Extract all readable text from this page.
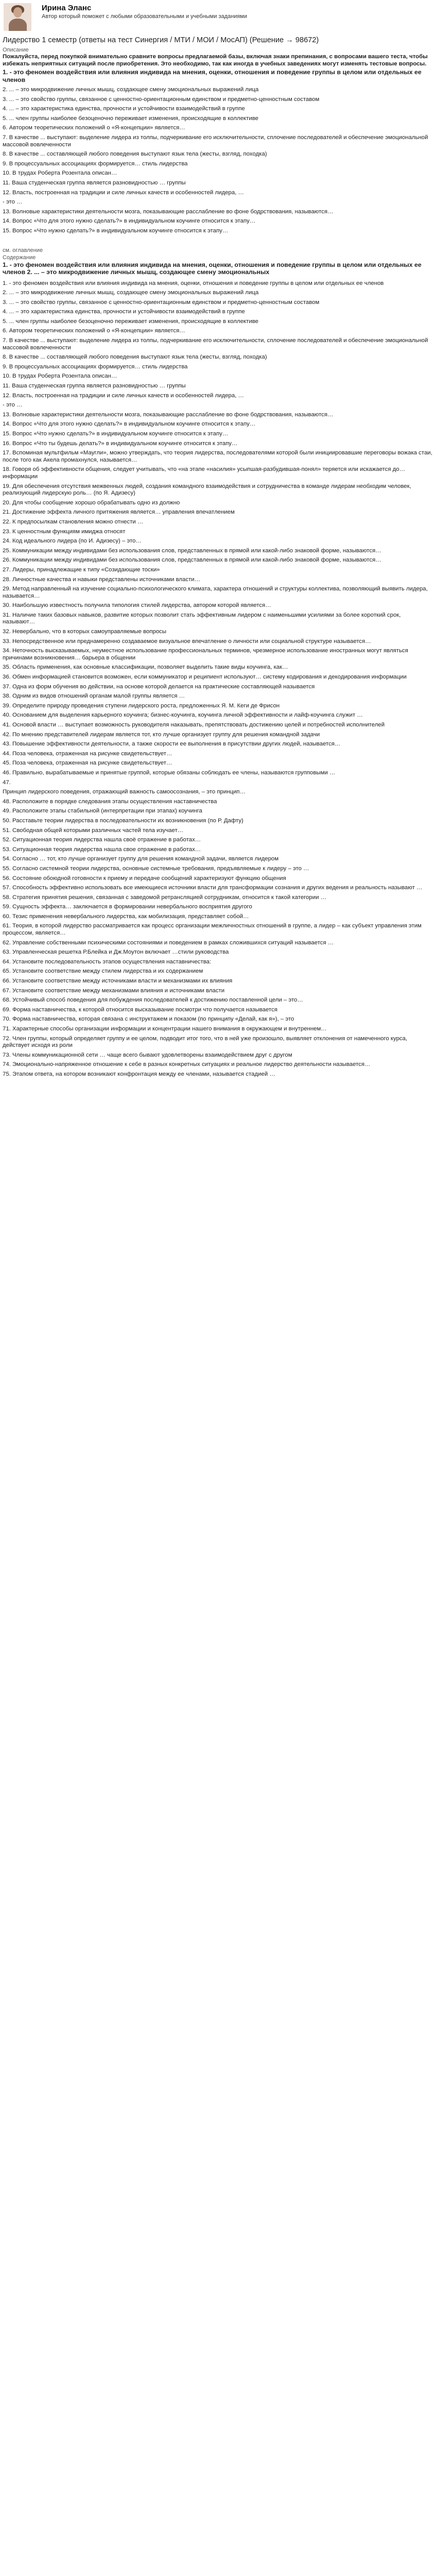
Ирина Эланс
Автор который поможет с любыми образовательными и учебными заданиями
Лидерство 1 семестр (ответы на тест Синергия / МТИ / МОИ / МосАП) (Решение → 98672)
Описание
Пожалуйста, перед покупкой внимательно сравните вопросы предлагаемой базы, включая знаки препинания, с вопросами вашего теста, чтобы избежать неприятных ситуаций после приобретения. Это необходимо, так как иногда в учебных заведениях могут изменять тестовые вопросы.
1. - это феномен воздействия или влияния индивида на мнения, оценки, отношения и поведение группы в целом или отдельных ее членов
2. ... – это микродвижение личных мышц, создающее смену эмоциональных выражений лица
3. ... – это свойство группы, связанное с ценностно-ориентационным единством и предметно-ценностным составом
4. ... – это характеристика единства, прочности и устойчивости взаимодействий в группе
5. ... член группы наиболее безоценочно переживает изменения, происходящие в коллективе
6. Автором теоретических положений о «Я-концепции» является…
7. В качестве ... выступают: выделение лидера из толпы, подчеркивание его исключительности, сплочение последователей и обеспечение эмоциональной массовой вовлеченности
8. В качестве ... составляющей любого поведения выступают язык тела (жесты, взгляд, походка)
9. В процессуальных ассоциациях формируется… стиль лидерства
10. В трудах Роберта Розентала описан…
11. Вашa студенческая группа является разновидностью … группы
12. Власть, построенная на традиции и силе личных качеств и особенностей лидера, …
- это …
13. Волновые характеристики деятельности мозга, показывающие расслабление во фоне бодрствования, называются…
14. Вопрос «Что для этого нужно сделать?» в индивидуальном коучинге относится к этапу…
15. Вопрос «Что нужно сделать?» в индивидуальном коучинге относится к этапу…
см. оглавление
Содержание
1. - это феномен воздействия или влияния индивида на мнения, оценки, отношения и поведение группы в целом или отдельных ее членов 2. ... – это микродвижение личных мышц, создающее смену эмоциональных
1. - это феномен воздействия или влияния индивида на мнения, оценки, отношения и поведение группы в целом или отдельных ее членов
2. ... – это микродвижение личных мышц, создающее смену эмоциональных выражений лица
3. ... – это свойство группы, связанное с ценностно-ориентационным единством и предметно-ценностным составом
4. ... – это характеристика единства, прочности и устойчивости взаимодействий в группе
5. ... член группы наиболее безоценочно переживает изменения, происходящие в коллективе
6. Автором теоретических положений о «Я-концепции» является…
7. В качестве ... выступают: выделение лидера из толпы, подчеркивание его исключительности, сплочение последователей и обеспечение эмоциональной массовой вовлеченности
8. В качестве ... составляющей любого поведения выступают язык тела (жесты, взгляд, походка)
9. В процессуальных ассоциациях формируется… стиль лидерства
10. В трудах Роберта Розентала описан…
11. Вашa студенческая группа является разновидностью … группы
12. Власть, построенная на традиции и силе личных качеств и особенностей лидера, …
- это …
13. Волновые характеристики деятельности мозга, показывающие расслабление во фоне бодрствования, называются…
14. Вопрос «Что для этого нужно сделать?» в индивидуальном коучинге относится к этапу…
15. Вопрос «Что нужно сделать?» в индивидуальном коучинге относится к этапу…
16. Вопрос «Что ты будешь делать?» в индивидуальном коучинге относится к этапу…
17. Вспоминая мультфильм «Маугли», можно утверждать, что теория лидерства, последователями которой были инициировавшие переговоры вожака стаи, после того как Акела промахнулся, называется…
18. Говоря об эффективности общения, следует учитывать, что «на этапе «насилия» усыпшая-разбудившая-понял» теряется или искажается до… информации
19. Для обеспечения отсутствия межвенных людей, создания командного взаимодействия и сотрудничества в команде лидерам необходим человек, реализующий лидерскую роль… (по Я. Адизесу)
20. Для чтобы сообщение хорошо обрабатывать одно из должно
21. Достижение эффекта личного притяжения является… управления впечатлением
22. К предпосылкам становления можно отнести …
23. К ценностным функциям имиджа относят
24. Код идеального лидера (по И. Адизесу) – это…
25. Коммуникации между индивидами без использования слов, представленных в прямой или какой-либо знаковой форме, называются…
26. Коммуникации между индивидами без использования слов, представленных в прямой или какой-либо знаковой форме, называются…
27. Лидеры, принадлежащие к типу «Созидающие тоски»
28. Личностные качества и навыки представлены источниками власти…
29. Метод направленный на изучение социально-психологического климата, характера отношений и структуры коллектива, позволяющий выявить лидера, называется…
30. Наибольшую известность получила типология стилей лидерства, автором которой является…
31. Наличие таких базовых навыков, развитие которых позволит стать эффективным лидером с наименьшими усилиями за более короткий срок, называют…
32. Невербально, что в которых самоуправляемые вопросы
33. Непосредственное или преднамеренно создаваемое визуальное впечатление о личности или социальной структуре называется…
34. Неточность высказываемых, неуместное использование профессиональных терминов, чрезмерное использование иностранных могут являться причинами возникновения… барьера в общении
35. Область применения, как основные классификации, позволяет выделить такие виды коучинга, как…
36. Обмен информацией становится возможен, если коммуникатор и реципиент используют… систему кодирования и декодирования информации
37. Одна из форм обучения во действии, на основе которой делается на практические составляющей называется
38. Одним из видов отношений органам малой группы является …
39. Определите природу проведения ступени лидерского роста, предложенных Я. М. Кеги де Фрисон
40. Основанием для выделения карьерного коучинга; бизнес-коучинга, коучинга личной эффективности и лайф-коучинга служит …
41. Основой власти … выступает возможность руководителя наказывать, препятствовать достижению целей и потребностей исполнителей
42. По мнению представителей лидерам является тот, кто лучше организует группу для решения командной задачи
43. Повышение эффективности деятельности, а также скорости ее выполнения в присутствии других людей, называется…
44. Поза человека, отраженная на рисунке свидетельствует…
45. Поза человека, отраженная на рисунке свидетельствует…
46. Правильно, вырабатываемые и принятые группой, которые обязаны соблюдать ее члены, называются групповыми …
47.
Принцип лидерского поведения, отражающий важность самоосознания, – это принцип…
48. Расположите в порядке следования этапы осуществления наставничества
49. Расположите этапы стабильной (интерпретации при этапах) коучинга
50. Расставьте теории лидерства в последовательности их возникновения (по Р. Дафту)
51. Свободная общей которыми различных частей тела изучает…
52. Ситуационная теория лидерства нашла своё отражение в работах…
53. Ситуационная теория лидерства нашла свое отражение в работах…
54. Согласно … тот, кто лучше организует группу для решения командной задачи, является лидером
55. Согласно системной теории лидерства, основные системные требования, предъявляемые к лидеру – это …
56. Состояние обоюдной готовности к приему и передаче сообщений характеризуют функцию общения
57. Способность эффективно использовать все имеющиеся источники власти для трансформации сознания и других ведения и реальность называют …
58. Стратегия принятия решения, связанная с заведомой ретрансляцией сотрудникам, относится к такой категории …
59. Сущность эффекта… заключается в формировании невербального восприятия другого
60. Тезис применения невербального лидерства, как мобилизация, представляет собой…
61. Теория, в которой лидерство рассматривается как процесс организации межличностных отношений в группе, а лидер – как субъект управления этим процессом, является…
62. Управление собственными психическими состояниями и поведением в рамках сложившихся ситуаций называется …
63. Управленческая решетка Р.Блейка и Дж.Моутон включает …стили руководства
64. Установите последовательность этапов осуществления наставничества:
65. Установите соответствие между стилем лидерства и их содержанием
66. Установите соответствие между источниками власти и механизмами их влияния
67. Установите соответствие между механизмами влияния и источниками власти
68. Устойчивый способ поведения для побуждения последователей к достижению поставленной цели – это…
69. Форма наставничества, к которой относится высказывание посмотри что получается называется
70. Форма наставничества, которая связана с инструктажем и показом (по принципу «Делай, как я»), – это
71. Характерные способы организации информации и концентрации нашего внимания в окружающем и внутреннем…
72. Член группы, который определяет группу и ее целом, подводит итог того, что в ней уже произошло, выявляет отклонения от намеченного курса, действует исходя из роли
73. Члены коммуникационной сети … чаще всего бывают удовлетворены взаимодействием друг с другом
74. Эмоционально-напряженное отношение к себе в разных конкретных ситуациях и реальное лидерство деятельности называется…
75. Этапом ответа, на котором возникают конфронтация между ее членами, называется стадией …
